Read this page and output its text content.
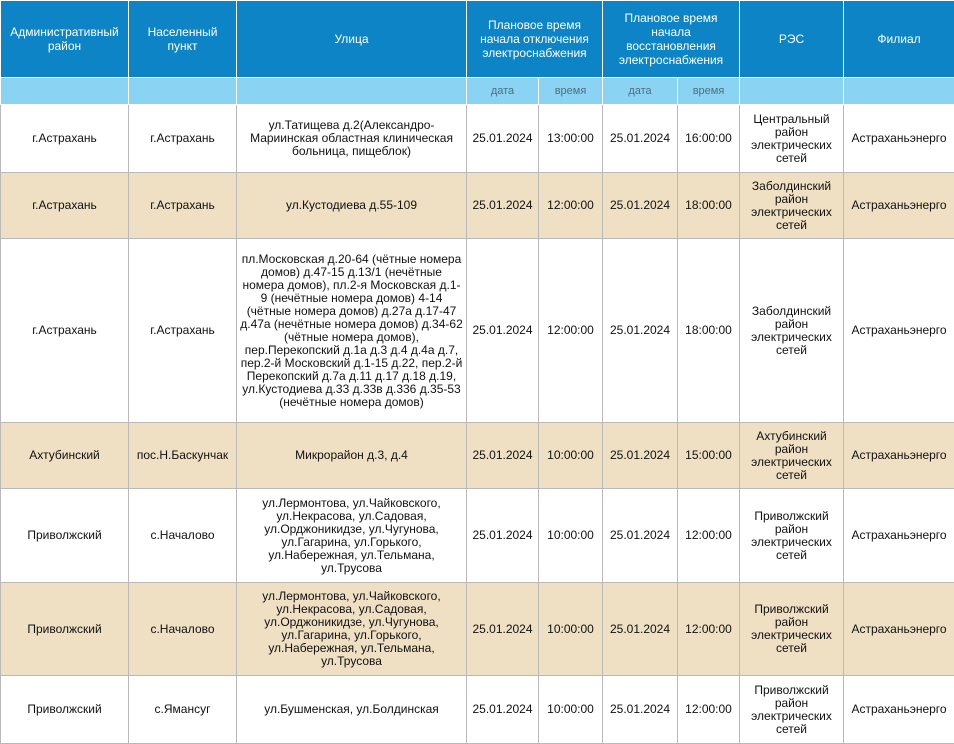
Административный район	Населенный пункт	Улица	Плановое время начала отключения электроснабжения		Плановое время начала восстановления электроснабжения		РЭС	Филиал
			дата	время	дата	время		
г.Астрахань	г.Астрахань	ул.Татищева д.2(Александро-Мариинская областная клиническая больница, пищеблок)	25.01.2024	13:00:00	25.01.2024	16:00:00	Центральный район электрических сетей	Астраханьэнерго
г.Астрахань	г.Астрахань	ул.Кустодиева д.55-109	25.01.2024	12:00:00	25.01.2024	18:00:00	Заболдинский район электрических сетей	Астраханьэнерго
г.Астрахань	г.Астрахань	пл.Московская д.20-64 (чётные номера домов) д.47-15 д.13/1 (нечётные номера домов), пл.2-я Московская д.1-9 (нечётные номера домов) 4-14 (чётные номера домов) д.27а д.17-47 д.47а (нечётные номера домов) д.34-62 (чётные номера домов), пер.Перекопский д.1а д.3 д.4 д.4а д.7, пер.2-й Московский д.1-15 д.22, пер.2-й Перекопский д.7а д.11 д.17 д.18 д.19, ул.Кустодиева д.33 д.33в д.336 д.35-53 (нечётные номера домов)	25.01.2024	12:00:00	25.01.2024	18:00:00	Заболдинский район электрических сетей	Астраханьэнерго
Ахтубинский	пос.Н.Баскунчак	Микрорайон д.3, д.4	25.01.2024	10:00:00	25.01.2024	15:00:00	Ахтубинский район электрических сетей	Астраханьэнерго
Приволжский	с.Началово	ул.Лермонтова, ул.Чайковского, ул.Некрасова, ул.Садовая, ул.Орджоникидзе, ул.Чугунова, ул.Гагарина, ул.Горького, ул.Набережная, ул.Тельмана, ул.Трусова	25.01.2024	10:00:00	25.01.2024	12:00:00	Приволжский район электрических сетей	Астраханьэнерго
Приволжский	с.Началово	ул.Лермонтова, ул.Чайковского, ул.Некрасова, ул.Садовая, ул.Орджоникидзе, ул.Чугунова, ул.Гагарина, ул.Горького, ул.Набережная, ул.Тельмана, ул.Трусова	25.01.2024	10:00:00	25.01.2024	12:00:00	Приволжский район электрических сетей	Астраханьэнерго
Приволжский	с.Ямансуг	ул.Бушменская, ул.Болдинская	25.01.2024	10:00:00	25.01.2024	12:00:00	Приволжский район электрических сетей	Астраханьэнерго
